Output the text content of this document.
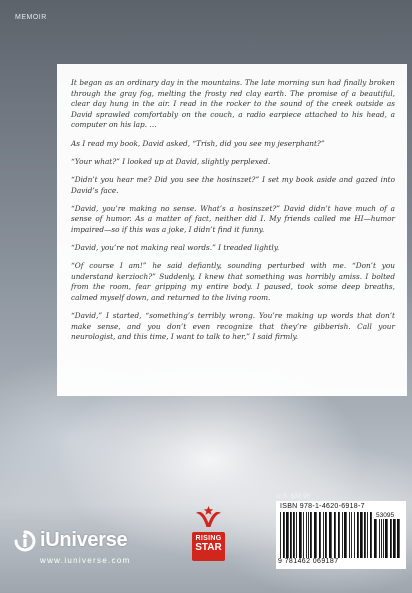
MEMOIR

It began as an ordinary day in the mountains. The late morning sun had finally broken through the gray fog, melting the frosty red clay earth. The promise of a beautiful, clear day hung in the air. I read in the rocker to the sound of the creek outside as David sprawled comfortably on the couch, a radio earpiece attached to his head, a computer on his lap. …

As I read my book, David asked, “Trish, did you see my jeserphant?”

“Your what?” I looked up at David, slightly perplexed.

“Didn’t you hear me? Did you see the hosinszet?” I set my book aside and gazed into David’s face.

“David, you’re making no sense. What’s a hosinszet?” David didn’t have much of a sense of humor. As a matter of fact, neither did I. My friends called me HI—humor impaired—so if this was a joke, I didn’t find it funny.

“David, you’re not making real words.” I treaded lightly.

“Of course I am!” he said defiantly, sounding perturbed with me. “Don’t you understand kerzioch?” Suddenly, I knew that something was horribly amiss. I bolted from the room, fear gripping my entire body. I paused, took some deep breaths, calmed myself down, and returned to the living room.

“David,” I started, “something’s terribly wrong. You’re making up words that don’t make sense, and you don’t even recognize that they’re gibberish. Call your neurologist, and this time, I want to talk to her,” I said firmly.

U.S. $30.95
ISBN 978-1-4620-6918-7
53095
9 781462 069187
iUniverse
www.iuniverse.com
RISING
STAR
